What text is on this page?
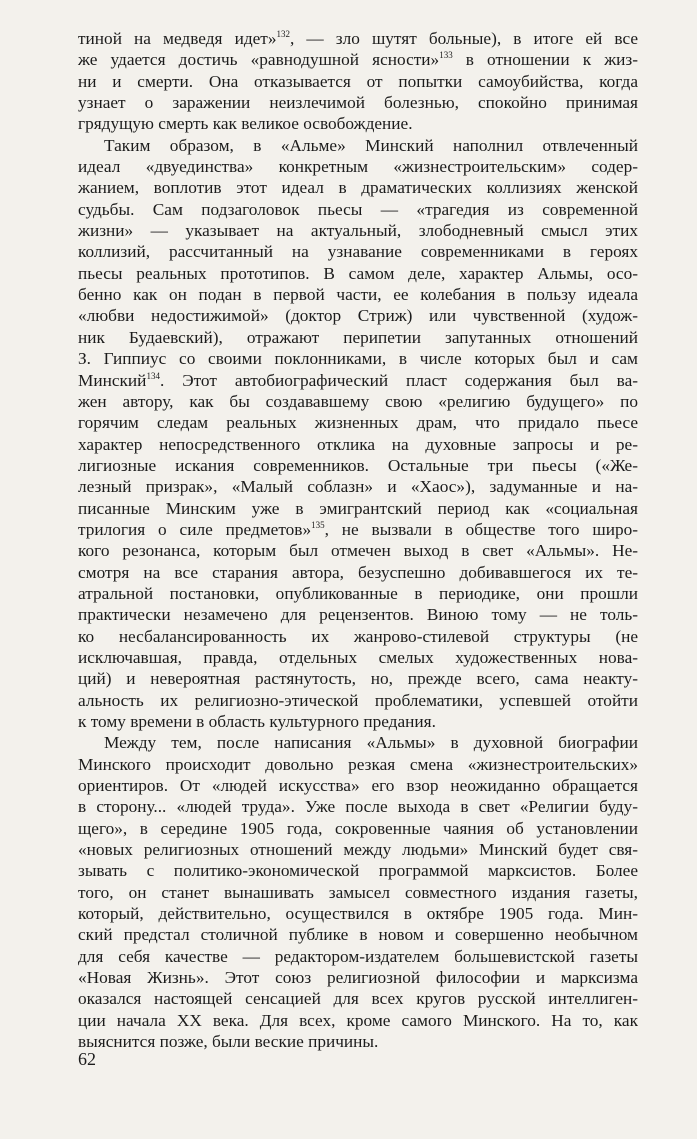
тиной на медведя идет»$^{132}$, — зло шутят больные), в итоге ей все
же удается достичь «равнодушной ясности»$^{133}$ в отношении к жиз-
ни и смерти. Она отказывается от попытки самоубийства, когда
узнает о заражении неизлечимой болезнью, спокойно принимая
грядущую смерть как великое освобождение.
Таким образом, в «Альме» Минский наполнил отвлеченный
идеал «двуединства» конкретным «жизнестроительским» содер-
жанием, воплотив этот идеал в драматических коллизиях женской
судьбы. Сам подзаголовок пьесы — «трагедия из современной
жизни» — указывает на актуальный, злободневный смысл этих
коллизий, рассчитанный на узнавание современниками в героях
пьесы реальных прототипов. В самом деле, характер Альмы, осо-
бенно как он подан в первой части, ее колебания в пользу идеала
«любви недостижимой» (доктор Стриж) или чувственной (худож-
ник Будаевский), отражают перипетии запутанных отношений
З. Гиппиус со своими поклонниками, в числе которых был и сам
Минский$^{134}$. Этот автобиографический пласт содержания был ва-
жен автору, как бы создававшему свою «религию будущего» по
горячим следам реальных жизненных драм, что придало пьесе
характер непосредственного отклика на духовные запросы и ре-
лигиозные искания современников. Остальные три пьесы («Же-
лезный призрак», «Малый соблазн» и «Хаос»), задуманные и на-
писанные Минским уже в эмигрантский период как «социальная
трилогия о силе предметов»$^{135}$, не вызвали в обществе того широ-
кого резонанса, которым был отмечен выход в свет «Альмы». Не-
смотря на все старания автора, безуспешно добивавшегося их те-
атральной постановки, опубликованные в периодике, они прошли
практически незамечено для рецензентов. Виною тому — не толь-
ко несбалансированность их жанрово-стилевой структуры (не
исключавшая, правда, отдельных смелых художественных нова-
ций) и невероятная растянутость, но, прежде всего, сама неакту-
альность их религиозно-этической проблематики, успевшей отойти
к тому времени в область культурного предания.
Между тем, после написания «Альмы» в духовной биографии
Минского происходит довольно резкая смена «жизнестроительских»
ориентиров. От «людей искусства» его взор неожиданно обращается
в сторону... «людей труда». Уже после выхода в свет «Религии буду-
щего», в середине 1905 года, сокровенные чаяния об установлении
«новых религиозных отношений между людьми» Минский будет свя-
зывать с политико-экономической программой марксистов. Более
того, он станет вынашивать замысел совместного издания газеты,
который, действительно, осуществился в октябре 1905 года. Мин-
ский предстал столичной публике в новом и совершенно необычном
для себя качестве — редактором-издателем большевистской газеты
«Новая Жизнь». Этот союз религиозной философии и марксизма
оказался настоящей сенсацией для всех кругов русской интеллиген-
ции начала XX века. Для всех, кроме самого Минского. На то, как
выяснится позже, были веские причины.
62
